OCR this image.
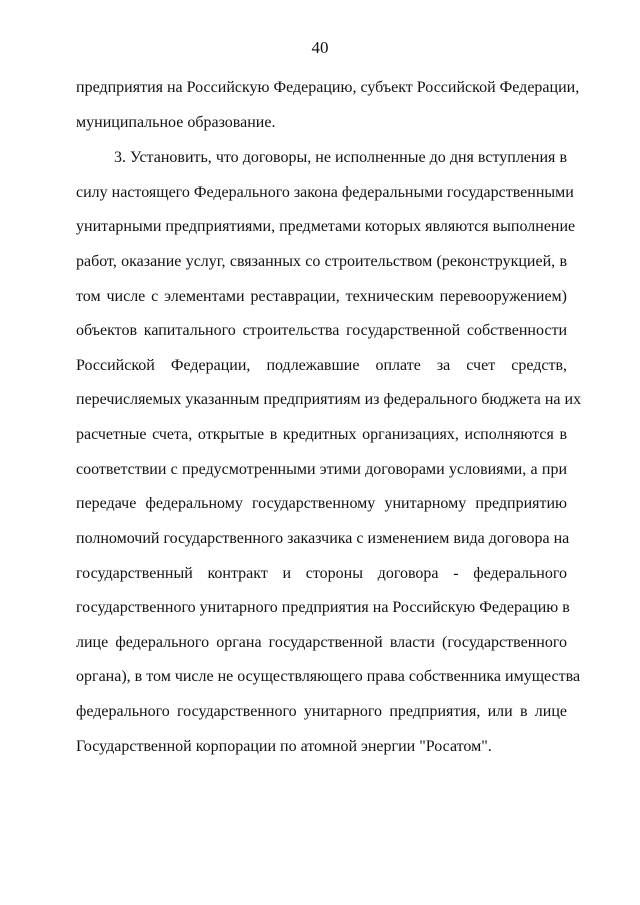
40
предприятия на Российскую Федерацию, субъект Российской Федерации,
муниципальное образование.
3. Установить, что договоры, не исполненные до дня вступления в
силу настоящего Федерального закона федеральными государственными
унитарными предприятиями, предметами которых являются выполнение
работ, оказание услуг, связанных со строительством (реконструкцией, в
том числе с элементами реставрации, техническим перевооружением)
объектов капитального строительства государственной собственности
Российской Федерации, подлежавшие оплате за счет средств,
перечисляемых указанным предприятиям из федерального бюджета на их
расчетные счета, открытые в кредитных организациях, исполняются в
соответствии с предусмотренными этими договорами условиями, а при
передаче федеральному государственному унитарному предприятию
полномочий государственного заказчика с изменением вида договора на
государственный контракт и стороны договора - федерального
государственного унитарного предприятия на Российскую Федерацию в
лице федерального органа государственной власти (государственного
органа), в том числе не осуществляющего права собственника имущества
федерального государственного унитарного предприятия, или в лице
Государственной корпорации по атомной энергии "Росатом".
